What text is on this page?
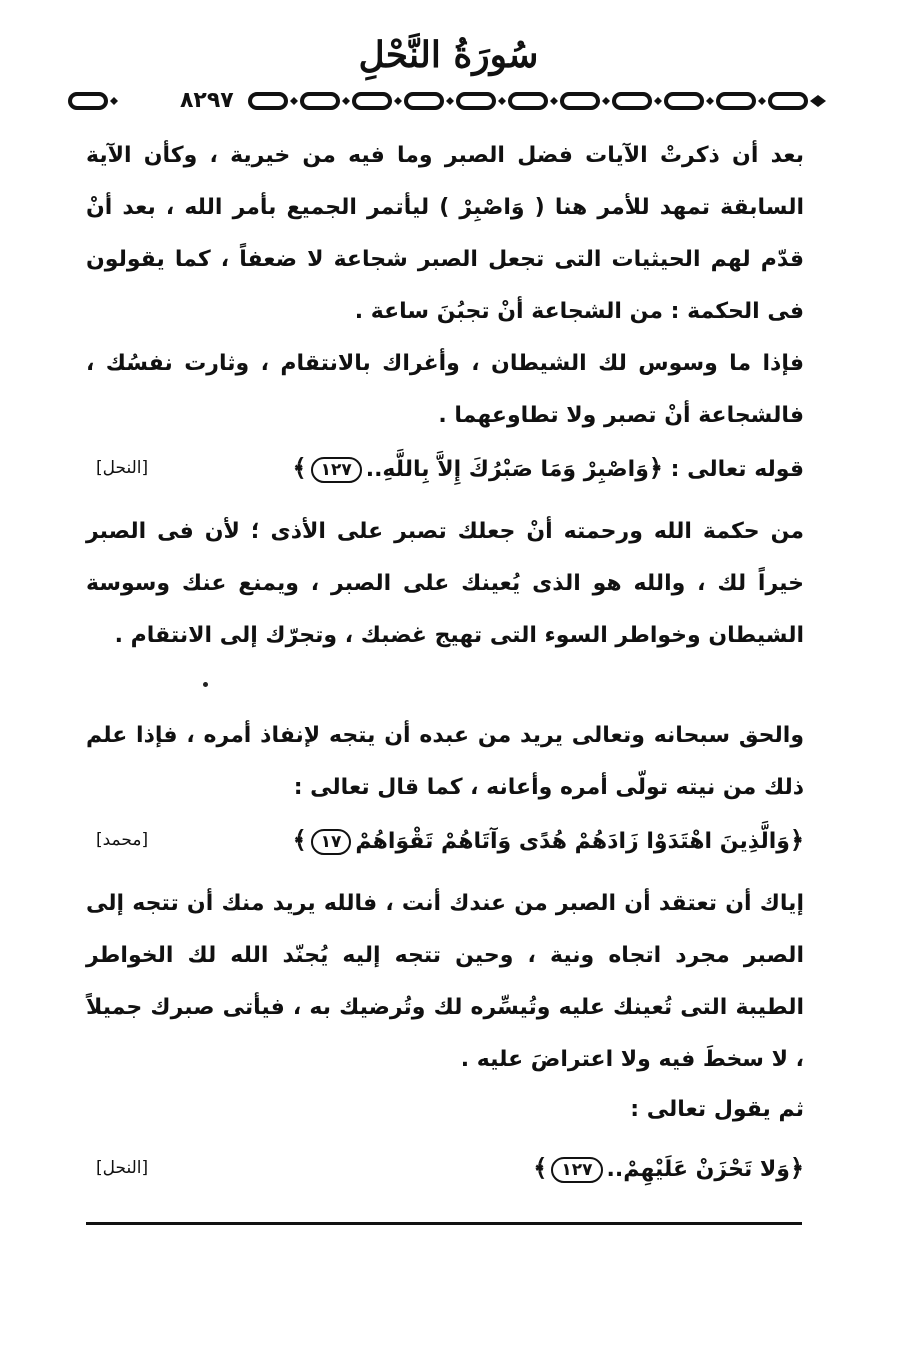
سُورَةُ النَّحْلِ
٨٢٩٧

بعد أن ذكرتْ الآيات فضل الصبر وما فيه من خيرية ، وكأن الآية السابقة تمهد للأمر هنا ( وَاصْبِرْ ) ليأتمر الجميع بأمر الله ، بعد أنْ قدّم لهم الحيثيات التى تجعل الصبر شجاعة لا ضعفاً ، كما يقولون فى الحكمة : من الشجاعة أنْ تجبُنَ ساعة .

فإذا ما وسوس لك الشيطان ، وأغراك بالانتقام ، وثارت نفسُك ، فالشجاعة أنْ تصبر ولا تطاوعهما .

قوله تعالى : ﴿وَاصْبِرْ وَمَا صَبْرُكَ إِلاَّ بِاللَّهِ..١٢٧﴾
[النحل]

من حكمة الله ورحمته أنْ جعلك تصبر على الأذى ؛ لأن فى الصبر خيراً لك ، والله هو الذى يُعينك على الصبر ، ويمنع عنك وسوسة الشيطان وخواطر السوء التى تهيج غضبك ، وتجرّك إلى الانتقام .

والحق سبحانه وتعالى يريد من عبده أن يتجه لإنفاذ أمره ، فإذا علم ذلك من نيته تولّى أمره وأعانه ، كما قال تعالى :

﴿وَالَّذِينَ اهْتَدَوْا زَادَهُمْ هُدًى وَآتَاهُمْ تَقْوَاهُمْ١٧﴾
[محمد]

إياك أن تعتقد أن الصبر من عندك أنت ، فالله يريد منك أن تتجه إلى الصبر مجرد اتجاه ونية ، وحين تتجه إليه يُجنّد الله لك الخواطر الطيبة التى تُعينك عليه وتُيسِّره لك وتُرضيك به ، فيأتى صبرك جميلاً ، لا سخطَ فيه ولا اعتراضَ عليه .

ثم يقول تعالى :

﴿وَلا تَحْزَنْ عَلَيْهِمْ..١٢٧﴾
[النحل]
